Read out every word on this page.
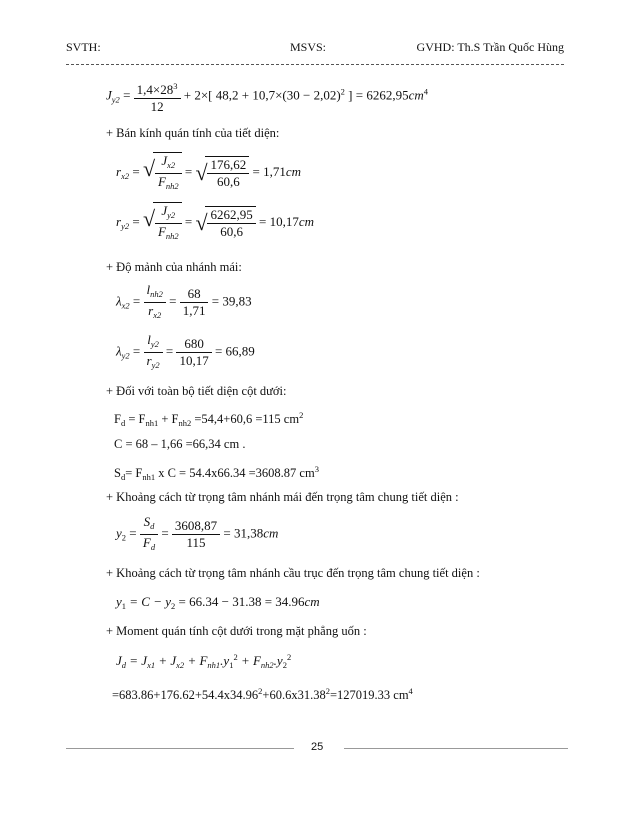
SVTH:	MSVS:	GVHD: Th.S Trần Quốc Hùng
$J_{y2} = \frac{1,4\times 28^3}{12} + 2\times$[ $48,2 + 10,7\times(30 - 2,02)^2$ ] = $6262,95cm^4$
+ Bán kính quán tính của tiết diện:
$r_{x2}$ = √ $\frac{J_{x2}}{F_{nh2}}$ = √ $\frac{176,62}{60,6} = 1,71cm$
$r_{y2}$ = √ $\frac{J_{y2}}{F_{nh2}}$ = √ $\frac{6262,95}{60,6} = 10,17cm$
+ Độ mảnh của nhánh mái:
$\lambda_{x2} = \frac{l_{nh2}}{r_{x2}} = \frac{68}{1,71} = 39,83$
$\lambda_{y2} = \frac{l_{y2}}{r_{y2}} = \frac{680}{10,17} = 66,89$
+ Đối với toàn bộ tiết diện cột dưới:
$F_d = F_{nh1} + F_{nh2} =54,4+60,6 =115$ $cm^2$
C = 68 – 1,66 =66,34 cm .
$S_d= F_{nh1}$ x C = 54.4x66.34 =3608.87 $cm^3$
+ Khoảng cách từ trọng tâm nhánh mái đến trọng tâm chung tiết diện :
$y_2 = \frac{S_d}{F_d} = \frac{3608,87}{115} = 31,38cm$
+ Khoảng cách từ trọng tâm nhánh cầu trục đến trọng tâm chung tiết diện :
$y_1 = C - y_2 = 66.34 - 31.38 = 34.96cm$
+ Moment quán tính cột dưới trong mặt phẳng uốn :
$J_d = J_{x1} + J_{x2} + F_{nh1}.y_1^2 + F_{nh2}.y_2^2$
$=683.86+176.62+54.4x34.96^2+60.6x31.38^2=127019.33$ $cm^4$
25
